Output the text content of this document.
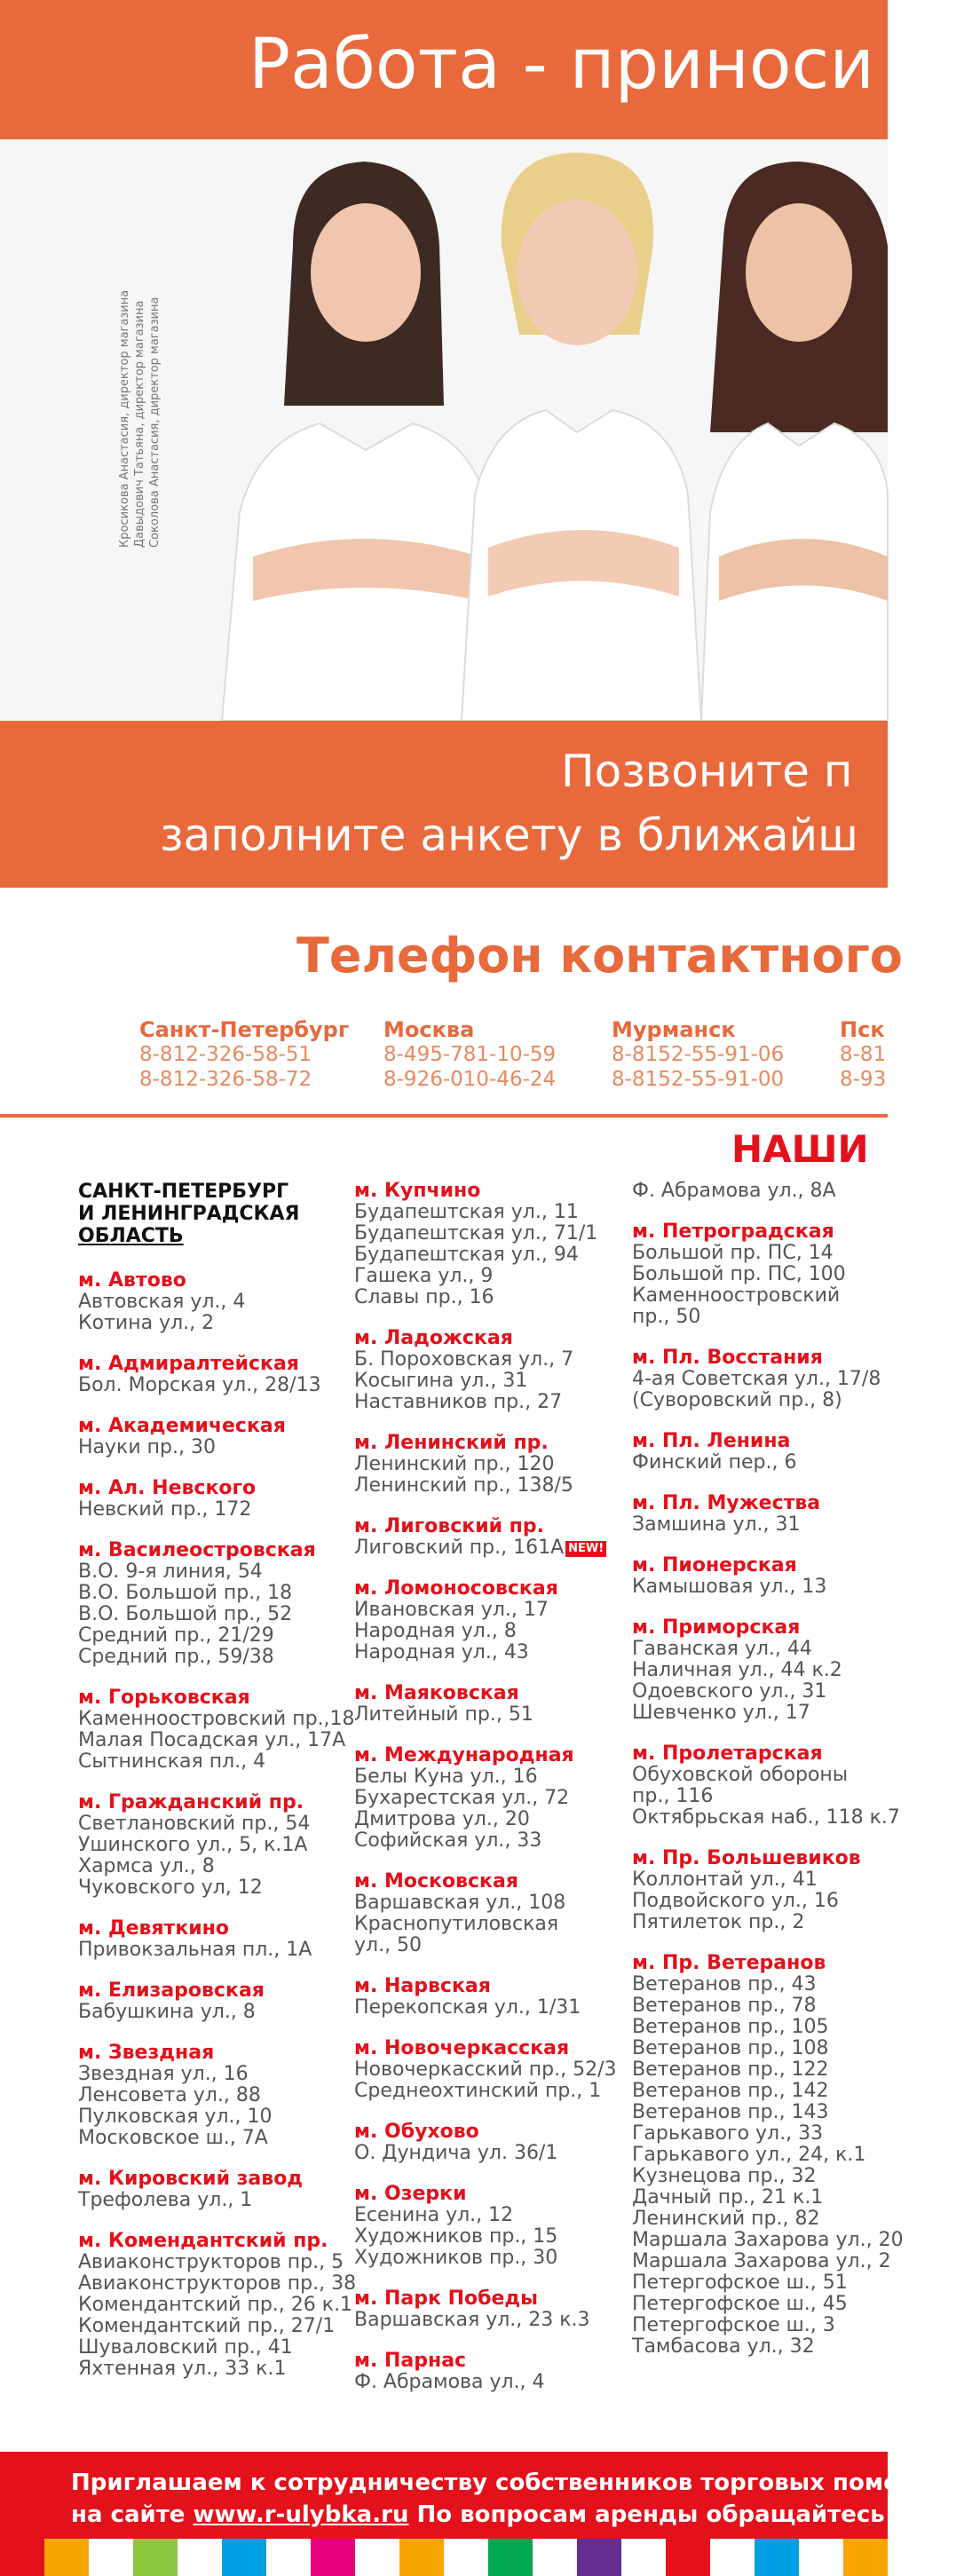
Работа - приноси
Кросикова Анастасия, директор магазина Давыдович Татьяна, директор магазина Соколова Анастасия, директор магазина
Позвоните п
заполните анкету в ближайш
Телефон контактного
Санкт-Петербург
8-812-326-58-51
8-812-326-58-72
Москва
8-495-781-10-59
8-926-010-46-24
Мурманск
8-8152-55-91-06
8-8152-55-91-00
Пск
8-81
8-93
НАШИ
САНКТ-ПЕТЕРБУРГ
И ЛЕНИНГРАДСКАЯ
ОБЛАСТЬ
м. Автово
Автовская ул., 4
Котина ул., 2
м. Адмиралтейская
Бол. Морская ул., 28/13
м. Академическая
Науки пр., 30
м. Ал. Невского
Невский пр., 172
м. Василеостровская
В.О. 9-я линия, 54
В.О. Большой пр., 18
В.О. Большой пр., 52
Средний пр., 21/29
Средний пр., 59/38
м. Горьковская
Каменноостровский пр.,18
Малая Посадская ул., 17А
Сытнинская пл., 4
м. Гражданский пр.
Светлановский пр., 54
Ушинского ул., 5, к.1А
Хармса ул., 8
Чуковского ул, 12
м. Девяткино
Привокзальная пл., 1А
м. Елизаровская
Бабушкина ул., 8
м. Звездная
Звездная ул., 16
Ленсовета ул., 88
Пулковская ул., 10
Московское ш., 7А
м. Кировский завод
Трефолева ул., 1
м. Комендантский пр.
Авиаконструкторов пр., 5
Авиаконструкторов пр., 38
Комендантский пр., 26 к.1
Комендантский пр., 27/1
Шуваловский пр., 41
Яхтенная ул., 33 к.1
м. Купчино
Будапештская ул., 11
Будапештская ул., 71/1
Будапештская ул., 94
Гашека ул., 9
Славы пр., 16
м. Ладожская
Б. Пороховская ул., 7
Косыгина ул., 31
Наставников пр., 27
м. Ленинский пр.
Ленинский пр., 120
Ленинский пр., 138/5
м. Лиговский пр.
Лиговский пр., 161А NEW!
м. Ломоносовская
Ивановская ул., 17
Народная ул., 8
Народная ул., 43
м. Маяковская
Литейный пр., 51
м. Международная
Белы Куна ул., 16
Бухарестская ул., 72
Дмитрова ул., 20
Софийская ул., 33
м. Московская
Варшавская ул., 108
Краснопутиловская
ул., 50
м. Нарвская
Перекопская ул., 1/31
м. Новочеркасская
Новочеркасский пр., 52/3
Среднеохтинский пр., 1
м. Обухово
О. Дундича ул. 36/1
м. Озерки
Есенина ул., 12
Художников пр., 15
Художников пр., 30
м. Парк Победы
Варшавская ул., 23 к.3
м. Парнас
Ф. Абрамова ул., 4
Ф. Абрамова ул., 8А
м. Петроградская
Большой пр. ПС, 14
Большой пр. ПС, 100
Каменноостровский
пр., 50
м. Пл. Восстания
4-ая Советская ул., 17/8
(Суворовский пр., 8)
м. Пл. Ленина
Финский пер., 6
м. Пл. Мужества
Замшина ул., 31
м. Пионерская
Камышовая ул., 13
м. Приморская
Гаванская ул., 44
Наличная ул., 44 к.2
Одоевского ул., 31
Шевченко ул., 17
м. Пролетарская
Обуховской обороны
пр., 116
Октябрьская наб., 118 к.7
м. Пр. Большевиков
Коллонтай ул., 41
Подвойского ул., 16
Пятилеток пр., 2
м. Пр. Ветеранов
Ветеранов пр., 43
Ветеранов пр., 78
Ветеранов пр., 105
Ветеранов пр., 108
Ветеранов пр., 122
Ветеранов пр., 142
Ветеранов пр., 143
Гарькавого ул., 33
Гарькавого ул., 24, к.1
Кузнецова пр., 32
Дачный пр., 21 к.1
Ленинский пр., 82
Маршала Захарова ул., 20
Маршала Захарова ул., 2
Петергофское ш., 51
Петергофское ш., 45
Петергофское ш., 3
Тамбасова ул., 32
Приглашаем к сотрудничеству собственников торговых помещени
на сайте www.r-ulybka.ru По вопросам аренды обращайтесь в отд
